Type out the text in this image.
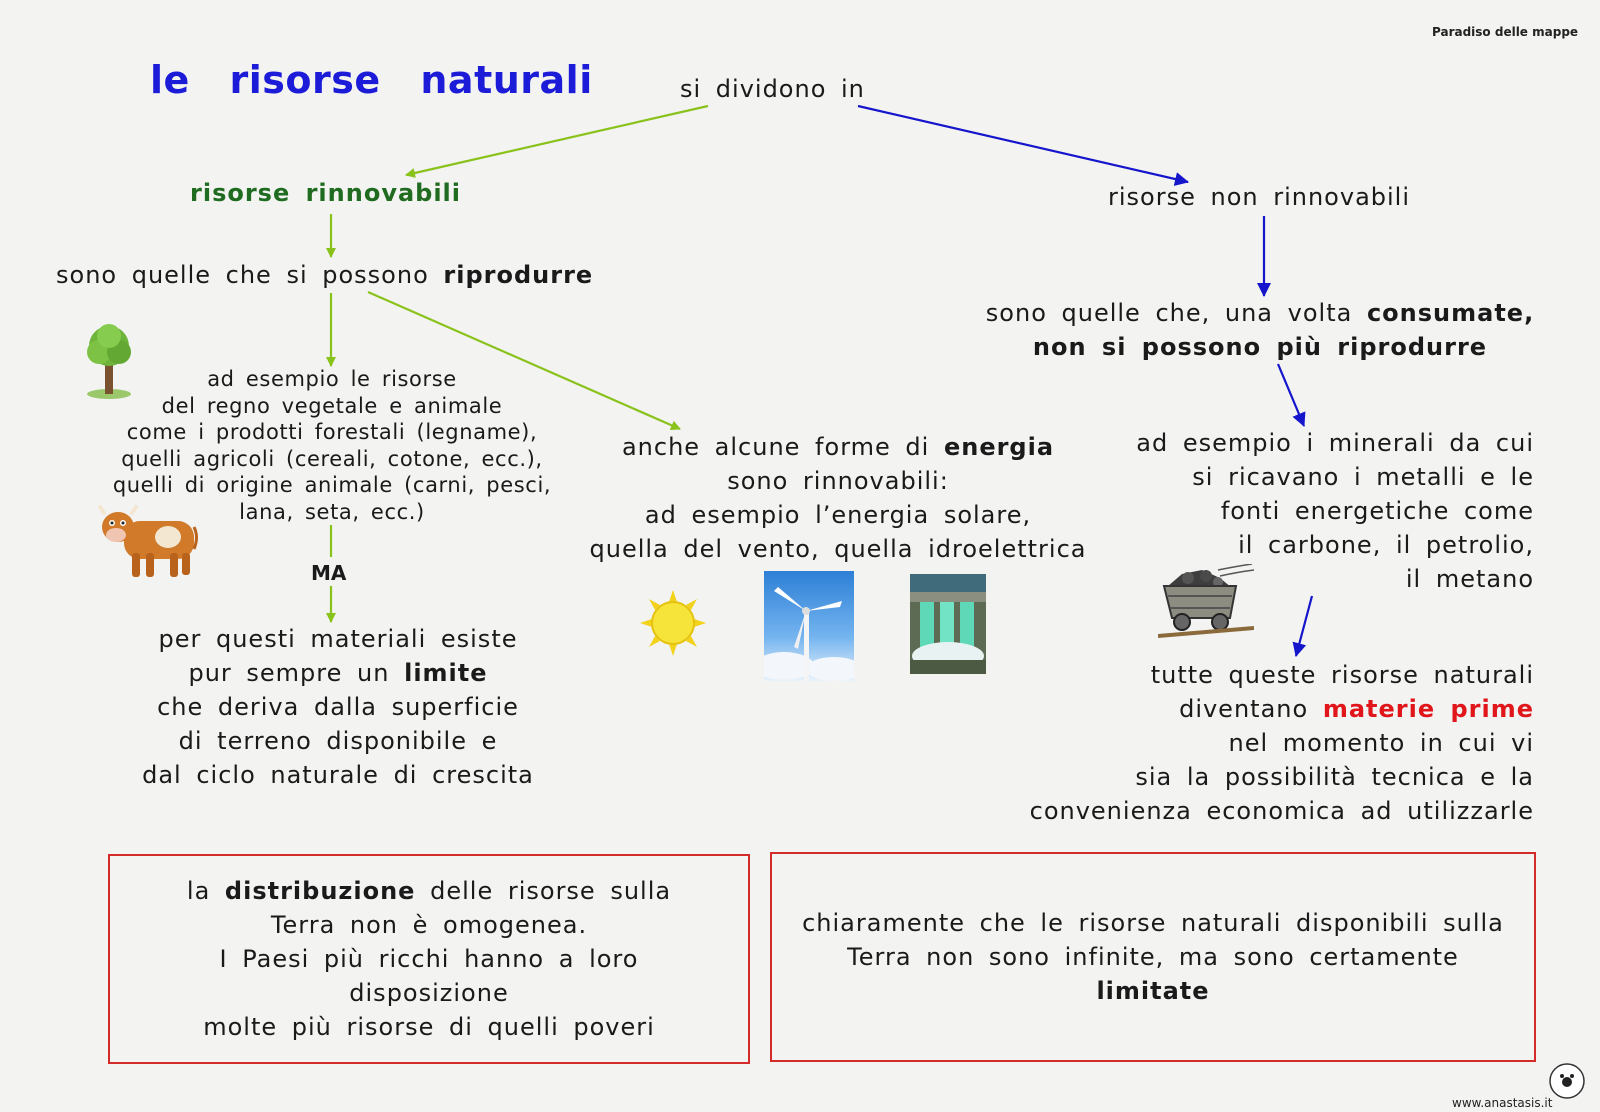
Paradiso delle mappe
le risorse naturali	si dividono in
risorse rinnovabili
sono quelle che si possono riprodurre
ad esempio le risorse
del regno vegetale e animale
come i prodotti forestali (legname),
quelli agricoli (cereali, cotone, ecc.),
quelli di origine animale (carni, pesci,
lana, seta, ecc.)
MA
per questi materiali esiste
pur sempre un limite
che deriva dalla superficie
di terreno disponibile e
dal ciclo naturale di crescita
anche alcune forme di energia
sono rinnovabili:
ad esempio l’energia solare,
quella del vento, quella idroelettrica
risorse non rinnovabili
sono quelle che, una volta consumate,
non si possono più riprodurre
ad esempio i minerali da cui
si ricavano i metalli e le
fonti energetiche come
il carbone, il petrolio,
il metano
tutte queste risorse naturali
diventano materie prime
nel momento in cui vi
sia la possibilità tecnica e la
convenienza economica ad utilizzarle
la distribuzione delle risorse sulla
Terra non è omogenea.
I Paesi più ricchi hanno a loro
disposizione
molte più risorse di quelli poveri
chiaramente che le risorse naturali disponibili sulla
Terra non sono infinite, ma sono certamente
limitate
www.anastasis.it
